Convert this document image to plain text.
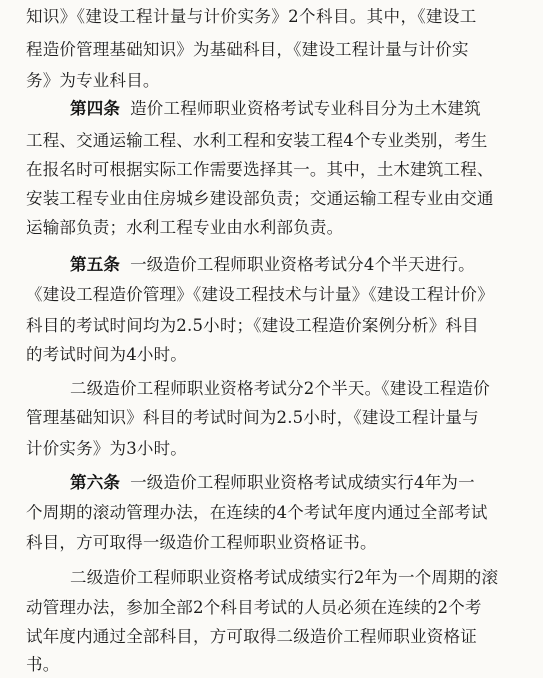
知识》《建设工程计量与计价实务》2个科目。其中，《建设工
程造价管理基础知识》为基础科目，《建设工程计量与计价实
务》为专业科目。
第四条 造价工程师职业资格考试专业科目分为土木建筑
工程、交通运输工程、水利工程和安装工程4个专业类别，考生
在报名时可根据实际工作需要选择其一。其中，土木建筑工程、
安装工程专业由住房城乡建设部负责；交通运输工程专业由交通
运输部负责；水利工程专业由水利部负责。
第五条 一级造价工程师职业资格考试分4个半天进行。
《建设工程造价管理》《建设工程技术与计量》《建设工程计价》
科目的考试时间均为2.5小时；《建设工程造价案例分析》科目
的考试时间为4小时。
二级造价工程师职业资格考试分2个半天。《建设工程造价
管理基础知识》科目的考试时间为2.5小时，《建设工程计量与
计价实务》为3小时。
第六条 一级造价工程师职业资格考试成绩实行4年为一
个周期的滚动管理办法，在连续的4个考试年度内通过全部考试
科目，方可取得一级造价工程师职业资格证书。
二级造价工程师职业资格考试成绩实行2年为一个周期的滚
动管理办法，参加全部2个科目考试的人员必须在连续的2个考
试年度内通过全部科目，方可取得二级造价工程师职业资格证
书。
